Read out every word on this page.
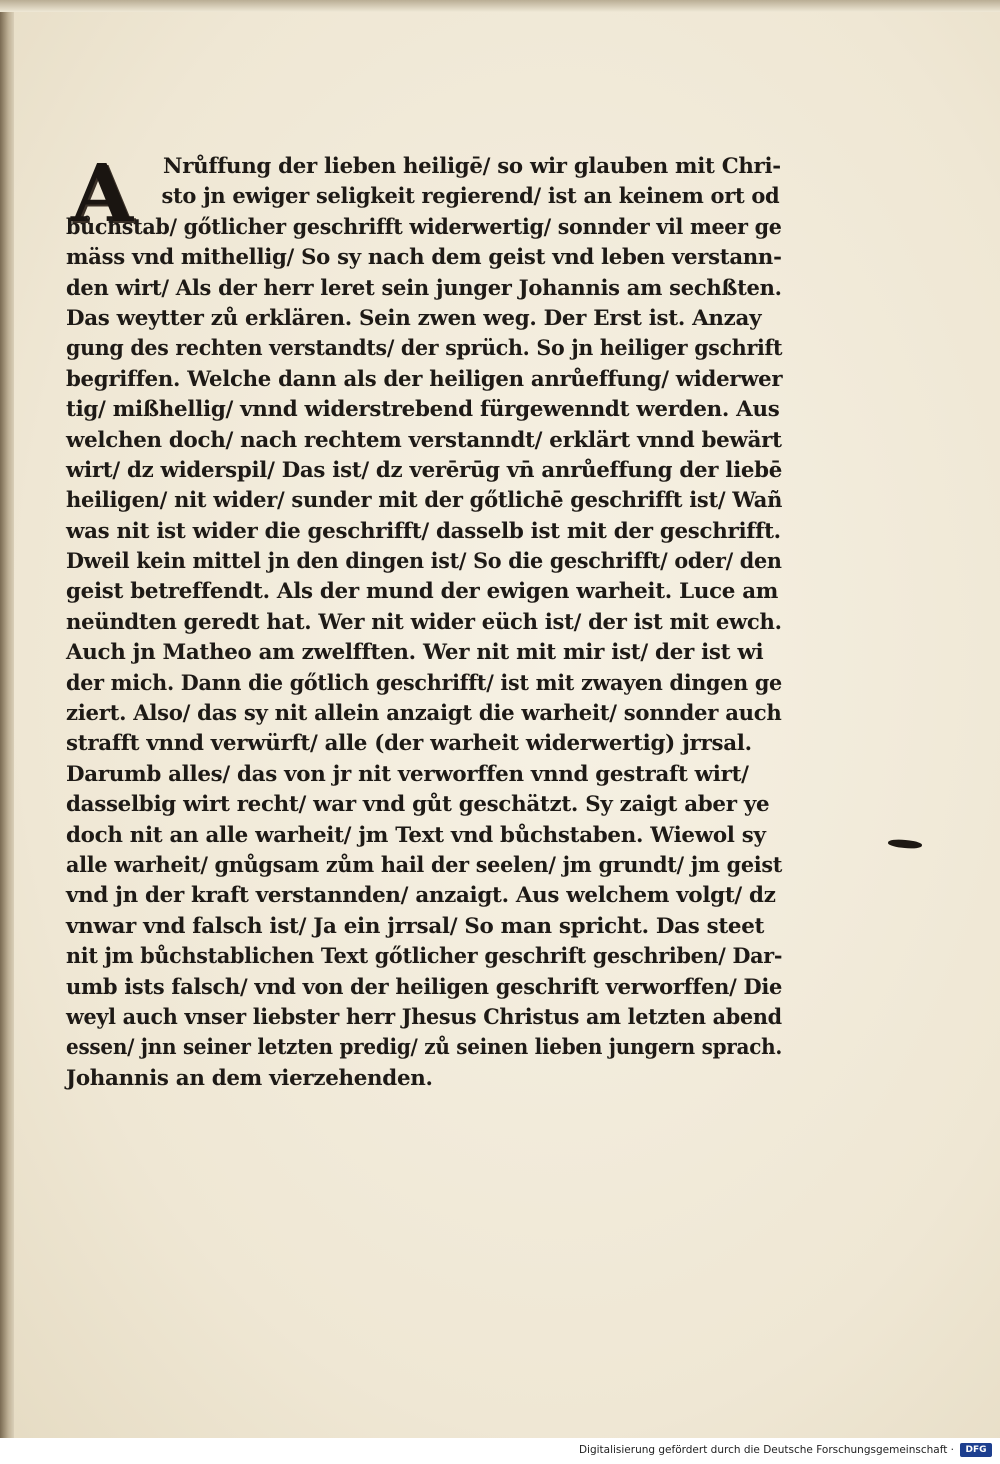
A	Nrůffung der lieben heiligē/ so wir glauben mit Chri-
sto jn ewiger seligkeit regierend/ ist an keinem ort od
bůchstab/ gőtlicher geschrifft widerwertig/ sonnder vil meer ge
mäss vnd mithellig/ So sy nach dem geist vnd leben verstann-
den wirt/ Als der herr leret sein junger Johannis am sechßten.
Das weytter zů erklären. Sein zwen weg. Der Erst ist. Anzay
gung des rechten verstandts/ der sprüch. So jn heiliger gschrift
begriffen. Welche dann als der heiligen anrůeffung/ widerwer
tig/ mißhellig/ vnnd widerstrebend fürgewenndt werden. Aus
welchen doch/ nach rechtem verstanndt/ erklärt vnnd bewärt
wirt/ dz widerspil/ Das ist/ dz verērūg vn̄ anrůeffung der liebē
heiligen/ nit wider/ sunder mit der gőtlichē geschrifft ist/ Wañ
was nit ist wider die geschrifft/ dasselb ist mit der geschrifft.
Dweil kein mittel jn den dingen ist/ So die geschrifft/ oder/ den
geist betreffendt. Als der mund der ewigen warheit. Luce am
neündten geredt hat. Wer nit wider eüch ist/ der ist mit ewch.
Auch jn Matheo am zwelfften. Wer nit mit mir ist/ der ist wi
der mich. Dann die gőtlich geschrifft/ ist mit zwayen dingen ge
ziert. Also/ das sy nit allein anzaigt die warheit/ sonnder auch
strafft vnnd verwürft/ alle (der warheit widerwertig) jrrsal.
Darumb alles/ das von jr nit verworffen vnnd gestraft wirt/
dasselbig wirt recht/ war vnd gůt geschätzt. Sy zaigt aber ye
doch nit an alle warheit/ jm Text vnd bůchstaben. Wiewol sy
alle warheit/ gnůgsam zům hail der seelen/ jm grundt/ jm geist
vnd jn der kraft verstannden/ anzaigt. Aus welchem volgt/ dz
vnwar vnd falsch ist/ Ja ein jrrsal/ So man spricht. Das steet
nit jm bůchstablichen Text gőtlicher geschrift geschriben/ Dar-
umb ists falsch/ vnd von der heiligen geschrift verworffen/ Die
weyl auch vnser liebster herr Jhesus Christus am letzten abend
essen/ jnn seiner letzten predig/ zů seinen lieben jungern sprach.
Johannis an dem vierzehenden.
Digitalisierung gefördert durch die Deutsche Forschungsgemeinschaft ·	DFG
